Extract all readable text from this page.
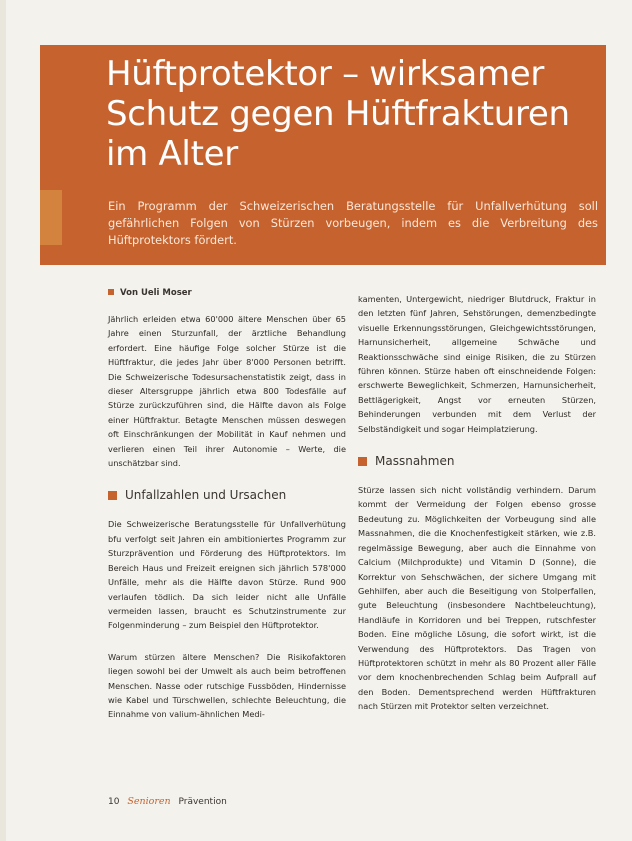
Hüftprotektor – wirksamer Schutz gegen Hüftfrakturen im Alter

Ein Programm der Schweizerischen Beratungsstelle für Unfallverhütung soll gefährlichen Folgen von Stürzen vorbeugen, indem es die Verbreitung des Hüftprotektors fördert.

Von Ueli Moser

Jährlich erleiden etwa 60'000 ältere Menschen über 65 Jahre einen Sturzunfall, der ärztliche Behandlung erfordert. Eine häufige Folge solcher Stürze ist die Hüftfraktur, die jedes Jahr über 8'000 Personen betrifft. Die Schweizerische Todesursachenstatistik zeigt, dass in dieser Altersgruppe jährlich etwa 800 Todesfälle auf Stürze zurückzuführen sind, die Hälfte davon als Folge einer Hüftfraktur. Betagte Menschen müssen deswegen oft Einschränkungen der Mobilität in Kauf nehmen und verlieren einen Teil ihrer Autonomie – Werte, die unschätzbar sind.

Unfallzahlen und Ursachen

Die Schweizerische Beratungsstelle für Unfallverhütung bfu verfolgt seit Jahren ein ambitioniertes Programm zur Sturzprävention und Förderung des Hüftprotektors. Im Bereich Haus und Freizeit ereignen sich jährlich 578'000 Unfälle, mehr als die Hälfte davon Stürze. Rund 900 verlaufen tödlich. Da sich leider nicht alle Unfälle vermeiden lassen, braucht es Schutzinstrumente zur Folgenminderung – zum Beispiel den Hüftprotektor.

Warum stürzen ältere Menschen? Die Risikofaktoren liegen sowohl bei der Umwelt als auch beim betroffenen Menschen. Nasse oder rutschige Fussböden, Hindernisse wie Kabel und Türschwellen, schlechte Beleuchtung, die Einnahme von valium-ähnlichen Medi-

kamenten, Untergewicht, niedriger Blutdruck, Fraktur in den letzten fünf Jahren, Sehstörungen, demenzbedingte visuelle Erkennungsstörungen, Gleichgewichtsstörungen, Harnunsicherheit, allgemeine Schwäche und Reaktionsschwäche sind einige Risiken, die zu Stürzen führen können. Stürze haben oft einschneidende Folgen: erschwerte Beweglichkeit, Schmerzen, Harnunsicherheit, Bettlägerigkeit, Angst vor erneuten Stürzen, Behinderungen verbunden mit dem Verlust der Selbständigkeit und sogar Heimplatzierung.

Massnahmen

Stürze lassen sich nicht vollständig verhindern. Darum kommt der Vermeidung der Folgen ebenso grosse Bedeutung zu. Möglichkeiten der Vorbeugung sind alle Massnahmen, die die Knochenfestigkeit stärken, wie z.B. regelmässige Bewegung, aber auch die Einnahme von Calcium (Milchprodukte) und Vitamin D (Sonne), die Korrektur von Sehschwächen, der sichere Umgang mit Gehhilfen, aber auch die Beseitigung von Stolperfallen, gute Beleuchtung (insbesondere Nachtbeleuchtung), Handläufe in Korridoren und bei Treppen, rutschfester Boden. Eine mögliche Lösung, die sofort wirkt, ist die Verwendung des Hüftprotektors. Das Tragen von Hüftprotektoren schützt in mehr als 80 Prozent aller Fälle vor dem knochenbrechenden Schlag beim Aufprall auf den Boden. Dementsprechend werden Hüftfrakturen nach Stürzen mit Protektor selten verzeichnet.

10 Senioren Prävention
